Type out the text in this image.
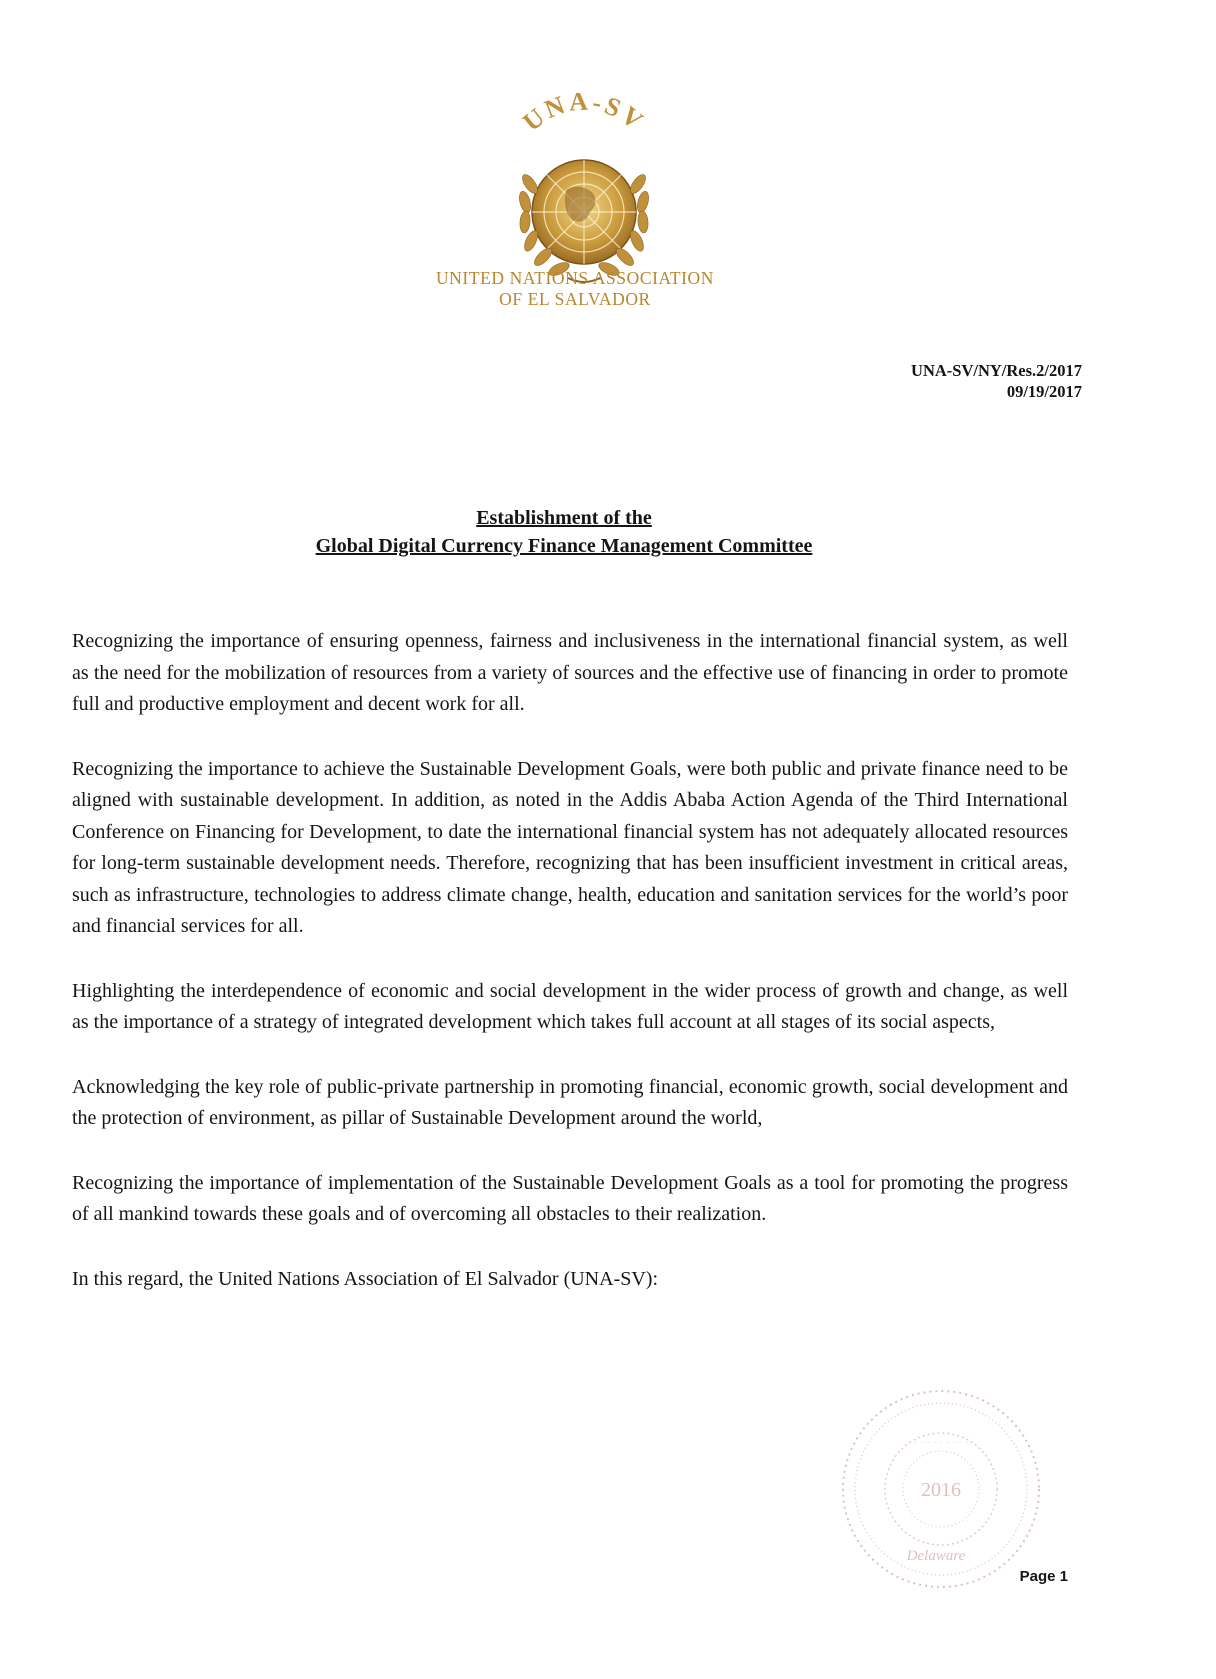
UNA-SV
UNITED NATIONS ASSOCIATION
OF EL SALVADOR
UNA-SV/NY/Res.2/2017
09/19/2017
Establishment of the
Global Digital Currency Finance Management Committee

Recognizing the importance of ensuring openness, fairness and inclusiveness in the international financial system, as well as the need for the mobilization of resources from a variety of sources and the effective use of financing in order to promote full and productive employment and decent work for all.

Recognizing the importance to achieve the Sustainable Development Goals, were both public and private finance need to be aligned with sustainable development. In addition, as noted in the Addis Ababa Action Agenda of the Third International Conference on Financing for Development, to date the international financial system has not adequately allocated resources for long-term sustainable development needs. Therefore, recognizing that has been insufficient investment in critical areas, such as infrastructure, technologies to address climate change, health, education and sanitation services for the world’s poor and financial services for all.

Highlighting the interdependence of economic and social development in the wider process of growth and change, as well as the importance of a strategy of integrated development which takes full account at all stages of its social aspects,

Acknowledging the key role of public-private partnership in promoting financial, economic growth, social development and the protection of environment, as pillar of Sustainable Development around the world,

Recognizing the importance of implementation of the Sustainable Development Goals as a tool for promoting the progress of all mankind towards these goals and of overcoming all obstacles to their realization.

In this regard, the United Nations Association of El Salvador (UNA-SV):

2016
Delaware
· · · · · · · · ·
Page 1
